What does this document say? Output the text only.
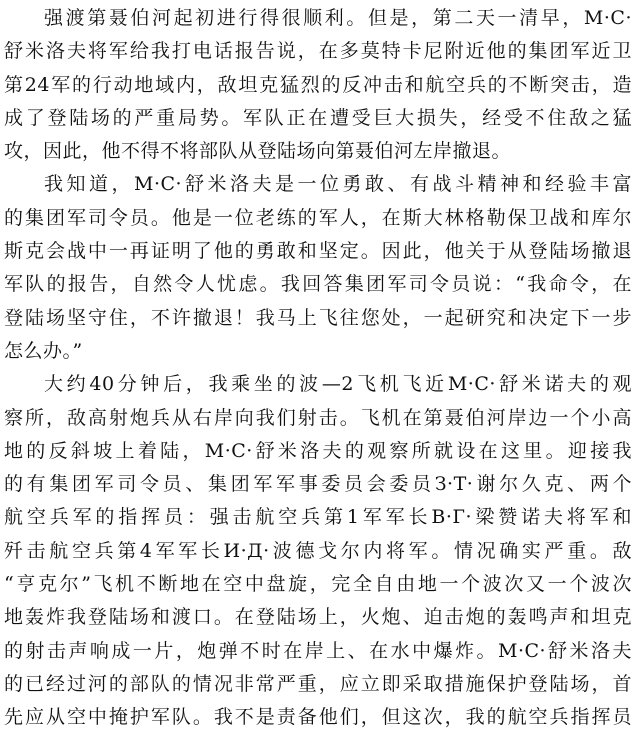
强渡第聂伯河起初进行得很顺利。但是，第二天一清早，M·C·
舒米洛夫将军给我打电话报告说，在多莫特卡尼附近他的集团军近卫
第24军的行动地域内，敌坦克猛烈的反冲击和航空兵的不断突击，造
成了登陆场的严重局势。军队正在遭受巨大损失，经受不住敌之猛
攻，因此，他不得不将部队从登陆场向第聂伯河左岸撤退。
我知道，M·C·舒米洛夫是一位勇敢、有战斗精神和经验丰富
的集团军司令员。他是一位老练的军人，在斯大林格勒保卫战和库尔
斯克会战中一再证明了他的勇敢和坚定。因此，他关于从登陆场撤退
军队的报告，自然令人忧虑。我回答集团军司令员说：“我命令，在
登陆场坚守住，不许撤退！我马上飞往您处，一起研究和决定下一步
怎么办。”
大约40分钟后，我乘坐的波—2飞机飞近M·C·舒米诺夫的观
察所，敌高射炮兵从右岸向我们射击。飞机在第聂伯河岸边一个小高
地的反斜坡上着陆，M·C·舒米洛夫的观察所就设在这里。迎接我
的有集团军司令员、集团军军事委员会委员З·Т·谢尔久克、两个
航空兵军的指挥员：强击航空兵第1军军长В·Г·梁赞诺夫将军和
歼击航空兵第4军军长И·Д·波德戈尔内将军。情况确实严重。敌
“亨克尔”飞机不断地在空中盘旋，完全自由地一个波次又一个波次
地轰炸我登陆场和渡口。在登陆场上，火炮、迫击炮的轰鸣声和坦克
的射击声响成一片，炮弹不时在岸上、在水中爆炸。M·C·舒米洛夫
的已经过河的部队的情况非常严重，应立即采取措施保护登陆场，首
先应从空中掩护军队。我不是责备他们，但这次，我的航空兵指挥员
